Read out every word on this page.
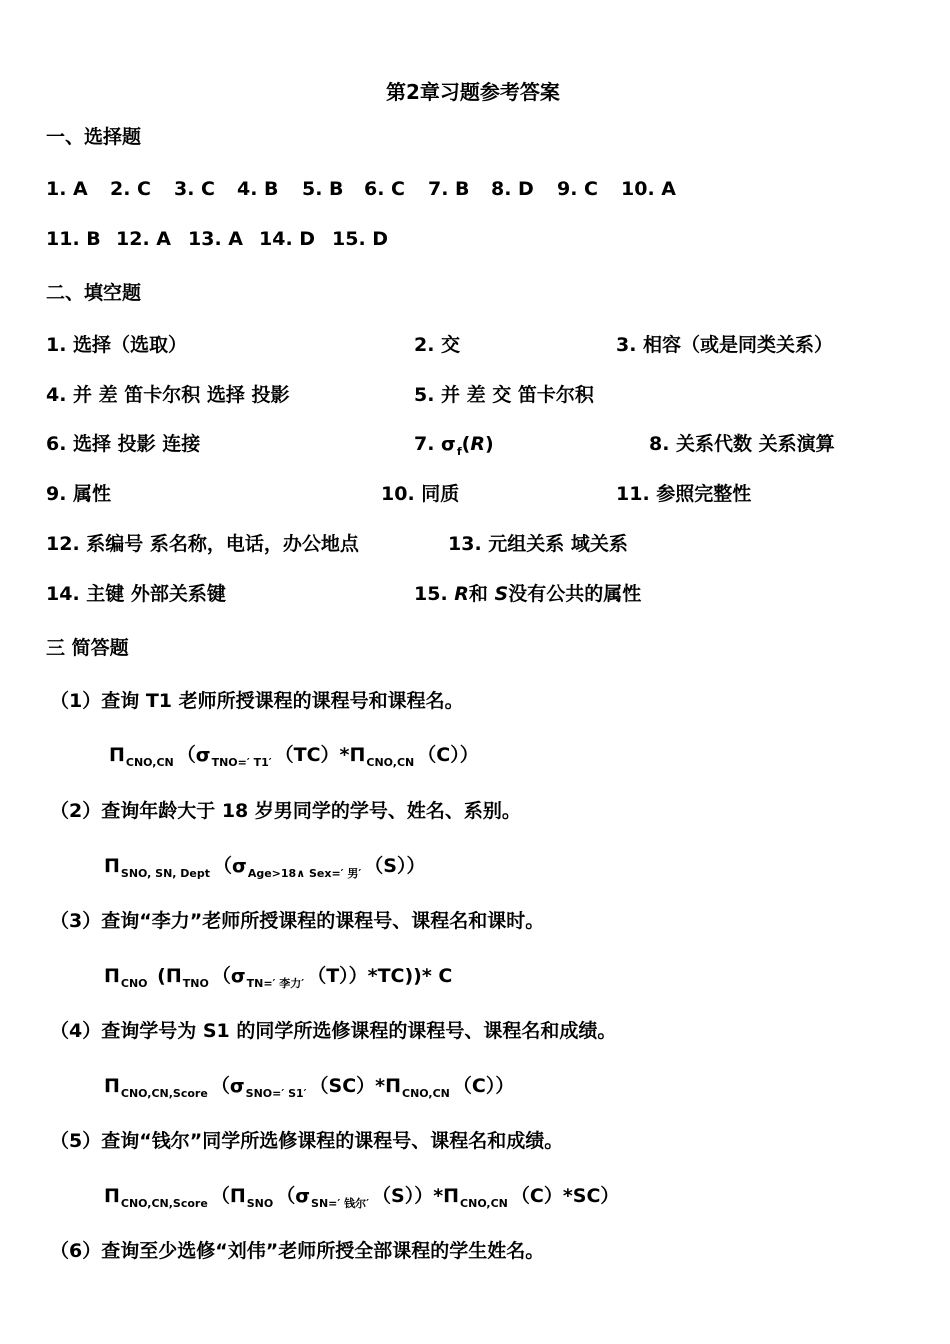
第2章习题参考答案
一、选择题
1. A 2. C 3. C 4. B 5. B 6. C 7. B 8. D 9. C 10. A
11. B 12. A 13. A 14. D 15. D
二、填空题
1. 选择（选取）	2. 交	3. 相容（或是同类关系）
4. 并 差 笛卡尔积 选择 投影	5. 并 差 交 笛卡尔积
6. 选择 投影 连接	7. $\sigma_f(R)$	8. 关系代数 关系演算
9. 属性	10. 同质	11. 参照完整性
12. 系编号 系名称，电话，办公地点	13. 元组关系 域关系
14. 主键 外部关系键	15. R和 S没有公共的属性
三 简答题
（1）查询 T1 老师所授课程的课程号和课程名。
$\Pi_{CNO,CN}$ （$\sigma_{TNO=' T1'}$ $(TC)*\Pi_{CNO,CN}$ （C））
（2）查询年龄大于 18 岁男同学的学号、姓名、系别。
$\Pi_{SNO, SN, Dept}$ （$\sigma_{Age>18\wedge Sex=' 男'}$ （S））
（3）查询“李力”老师所授课程的课程号、课程名和课时。
$\Pi_{CNO}$ ($\Pi_{TNO}$ （$\sigma_{TN=' 李力'}$ （T））*TC))* C
（4）查询学号为 S1 的同学所选修课程的课程号、课程名和成绩。
$\Pi_{CNO,CN,Score}$ （$\sigma_{SNO=' S1'}$ $(SC)*\Pi_{CNO,CN}$ （C））
（5）查询“钱尔”同学所选修课程的课程号、课程名和成绩。
$\Pi_{CNO,CN,Score}$ （$\Pi_{SNO}$ （$\sigma_{SN=' 钱尔'}$ $(S))*\Pi_{CNO,CN}$ （C）*SC）
（6）查询至少选修“刘伟”老师所授全部课程的学生姓名。
